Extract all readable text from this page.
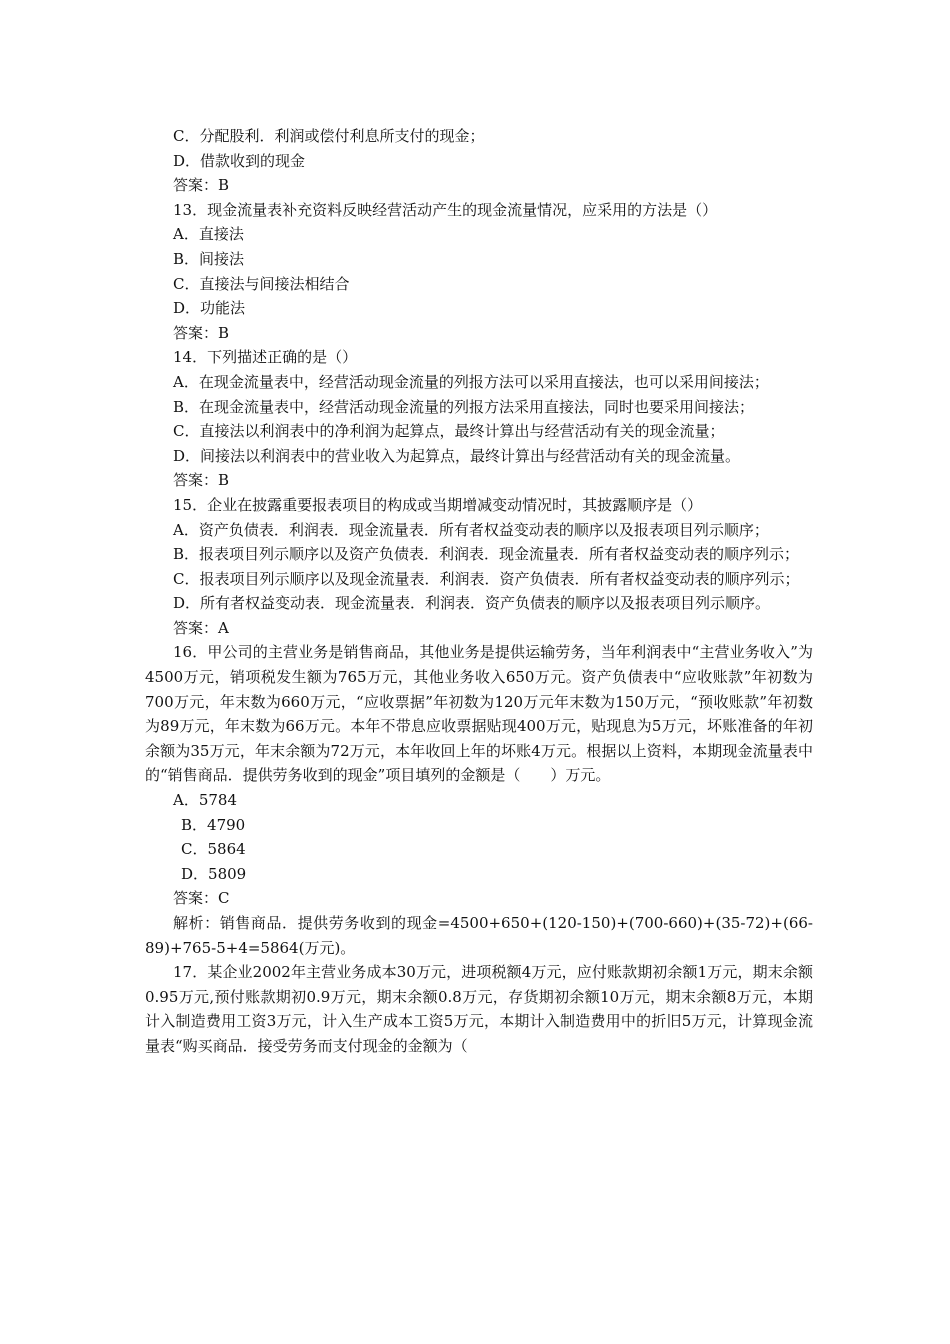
C．分配股利．利润或偿付利息所支付的现金；

D．借款收到的现金

答案：B

13．现金流量表补充资料反映经营活动产生的现金流量情况，应采用的方法是（）

A．直接法

B．间接法

C．直接法与间接法相结合

D．功能法

答案：B

14．下列描述正确的是（）

A．在现金流量表中，经营活动现金流量的列报方法可以采用直接法，也可以采用间接法；

B．在现金流量表中，经营活动现金流量的列报方法采用直接法，同时也要采用间接法；

C．直接法以利润表中的净利润为起算点，最终计算出与经营活动有关的现金流量；

D．间接法以利润表中的营业收入为起算点，最终计算出与经营活动有关的现金流量。

答案：B

15．企业在披露重要报表项目的构成或当期增减变动情况时，其披露顺序是（）

A．资产负债表．利润表．现金流量表．所有者权益变动表的顺序以及报表项目列示顺序；

B．报表项目列示顺序以及资产负债表．利润表．现金流量表．所有者权益变动表的顺序列示；

C．报表项目列示顺序以及现金流量表．利润表．资产负债表．所有者权益变动表的顺序列示；

D．所有者权益变动表．现金流量表．利润表．资产负债表的顺序以及报表项目列示顺序。

答案：A

16．甲公司的主营业务是销售商品，其他业务是提供运输劳务，当年利润表中“主营业务收入”为4500万元，销项税发生额为765万元，其他业务收入650万元。资产负债表中“应收账款”年初数为700万元，年末数为660万元，“应收票据”年初数为120万元年末数为150万元，“预收账款”年初数为89万元，年末数为66万元。本年不带息应收票据贴现400万元，贴现息为5万元，坏账准备的年初余额为35万元，年末余额为72万元，本年收回上年的坏账4万元。根据以上资料，本期现金流量表中的“销售商品．提供劳务收到的现金”项目填列的金额是（　　）万元。

A．5784

B．4790

C．5864

D．5809

答案：C

解析：销售商品．提供劳务收到的现金=4500+650+(120-150)+(700-660)+(35-72)+(66-89)+765-5+4=5864(万元)。

17．某企业2002年主营业务成本30万元，进项税额4万元，应付账款期初余额1万元，期末余额0.95万元,预付账款期初0.9万元，期末余额0.8万元，存货期初余额10万元，期末余额8万元，本期计入制造费用工资3万元，计入生产成本工资5万元，本期计入制造费用中的折旧5万元，计算现金流量表“购买商品．接受劳务而支付现金的金额为（
